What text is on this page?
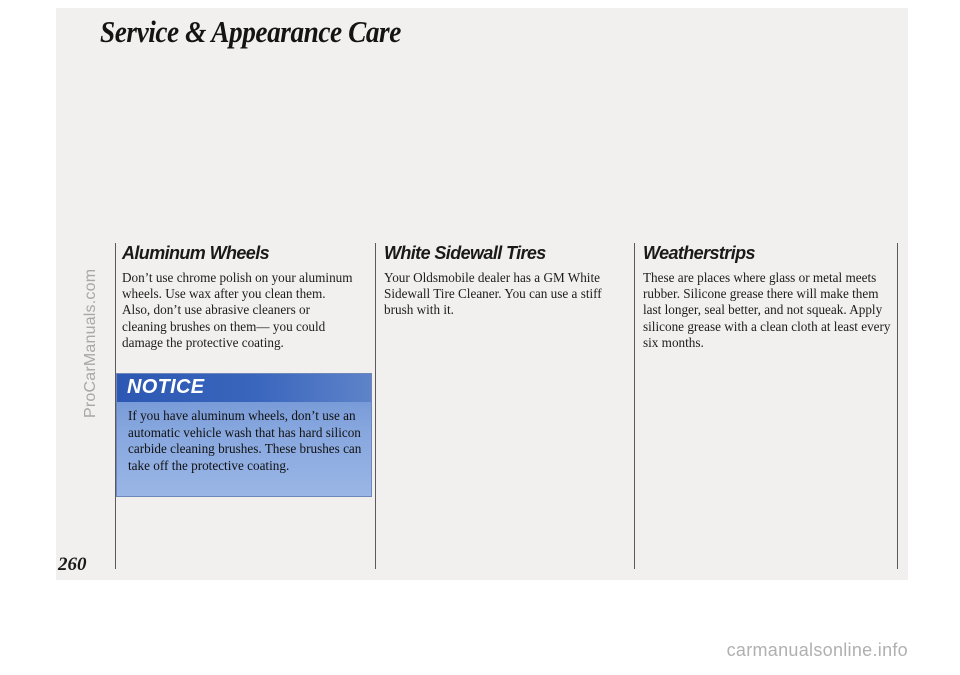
Service & Appearance Care
ProCarManuals.com
Aluminum Wheels

Don’t use chrome polish on your aluminum wheels. Use wax after you clean them. Also, don’t use abrasive cleaners or cleaning brushes on them— you could damage the protective coating.

White Sidewall Tires

Your Oldsmobile dealer has a GM White Sidewall Tire Cleaner. You can use a stiff brush with it.

Weatherstrips

These are places where glass or metal meets rubber. Silicone grease there will make them last longer, seal better, and not squeak. Apply silicone grease with a clean cloth at least every six months.

NOTICE

If you have aluminum wheels, don’t use an automatic vehicle wash that has hard silicon carbide cleaning brushes. These brushes can take off the protective coating.

260
carmanualsonline.info
